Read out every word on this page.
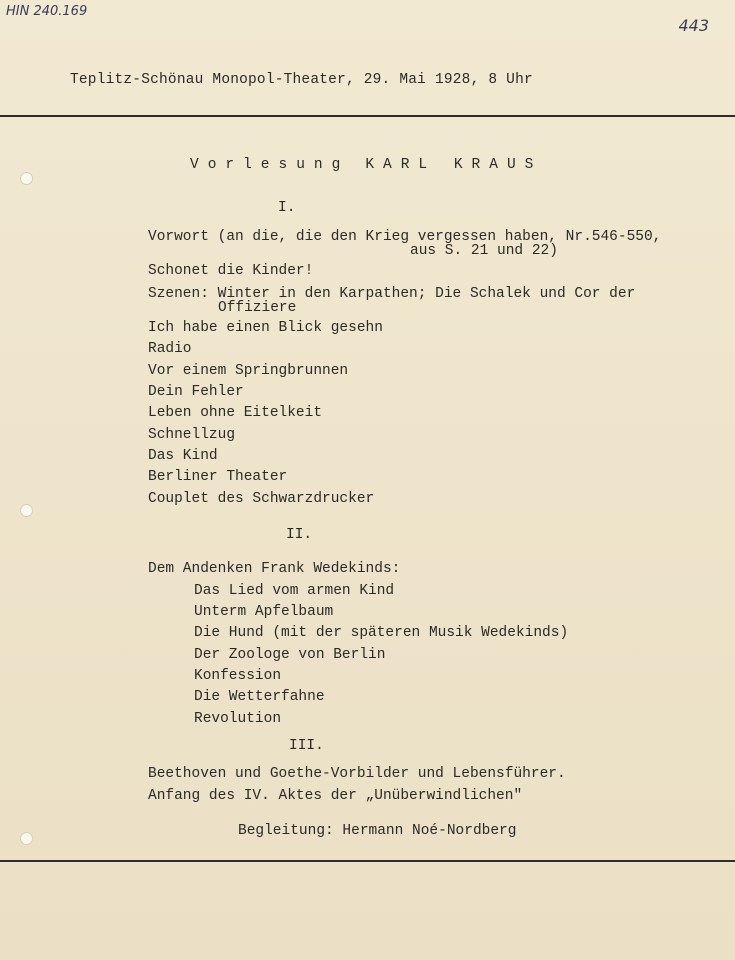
HIN 240.169
443
Teplitz-Schönau Monopol-Theater, 29. Mai 1928, 8 Uhr
Vorlesung KARL KRAUS
I.
Vorwort (an die, die den Krieg vergessen haben, Nr.546-550,
aus S. 21 und 22)
Schonet die Kinder!
Szenen: Winter in den Karpathen; Die Schalek und Cor der
Offiziere
Ich habe einen Blick gesehn
Radio
Vor einem Springbrunnen
Dein Fehler
Leben ohne Eitelkeit
Schnellzug
Das Kind
Berliner Theater
Couplet des Schwarzdrucker
II.
Dem Andenken Frank Wedekinds:
Das Lied vom armen Kind
Unterm Apfelbaum
Die Hund (mit der späteren Musik Wedekinds)
Der Zoologe von Berlin
Konfession
Die Wetterfahne
Revolution
III.
Beethoven und Goethe-Vorbilder und Lebensführer.
Anfang des IV. Aktes der „Unüberwindlichen"
Begleitung: Hermann Noé-Nordberg
